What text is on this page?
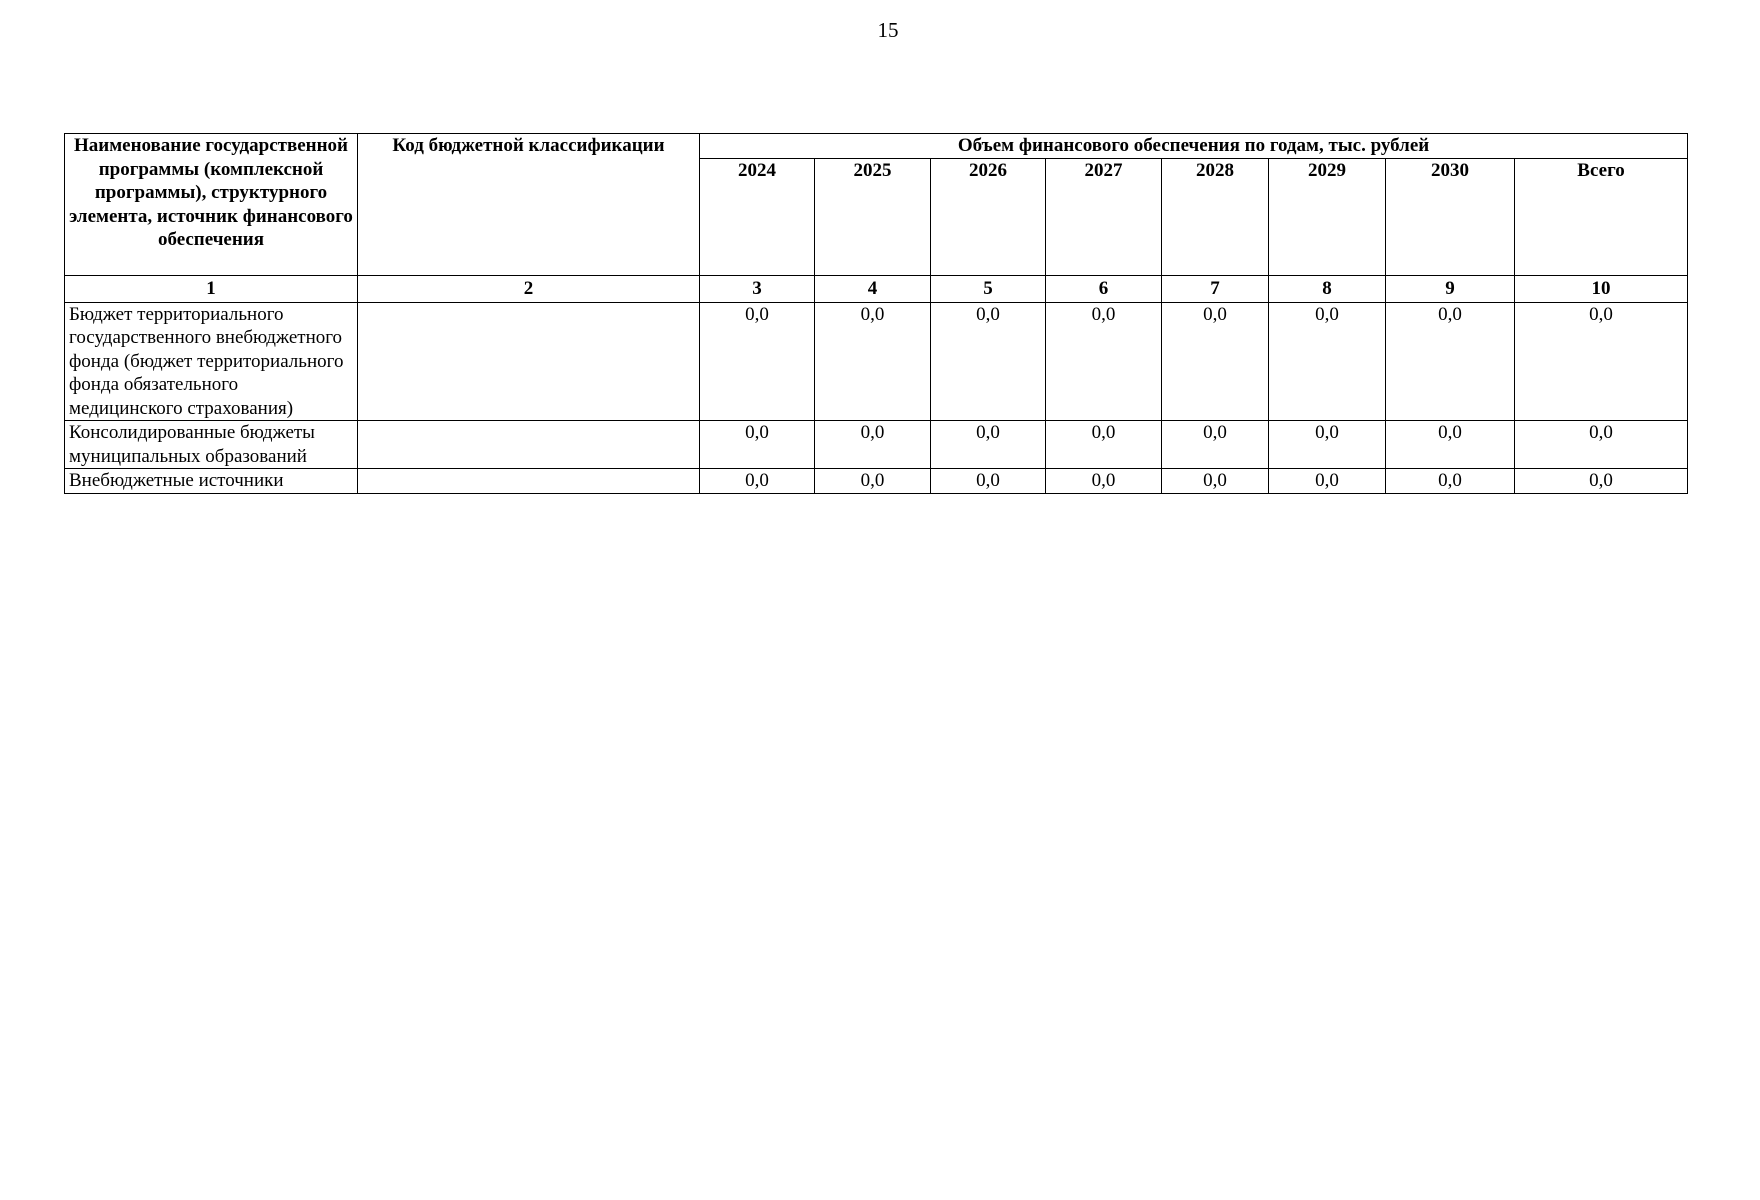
15
Наименование государственной программы (комплексной программы), структурного элемента, источник финансового обеспечения	Код бюджетной классификации	Объем финансового обеспечения по годам, тыс. рублей							
		2024	2025	2026	2027	2028	2029	2030	Всего
1	2	3	4	5	6	7	8	9	10
Бюджет территориального государственного внебюджетного фонда (бюджет территориального фонда обязательного медицинского страхования)		0,0	0,0	0,0	0,0	0,0	0,0	0,0	0,0
Консолидированные бюджеты муниципальных образований		0,0	0,0	0,0	0,0	0,0	0,0	0,0	0,0
Внебюджетные источники		0,0	0,0	0,0	0,0	0,0	0,0	0,0	0,0
